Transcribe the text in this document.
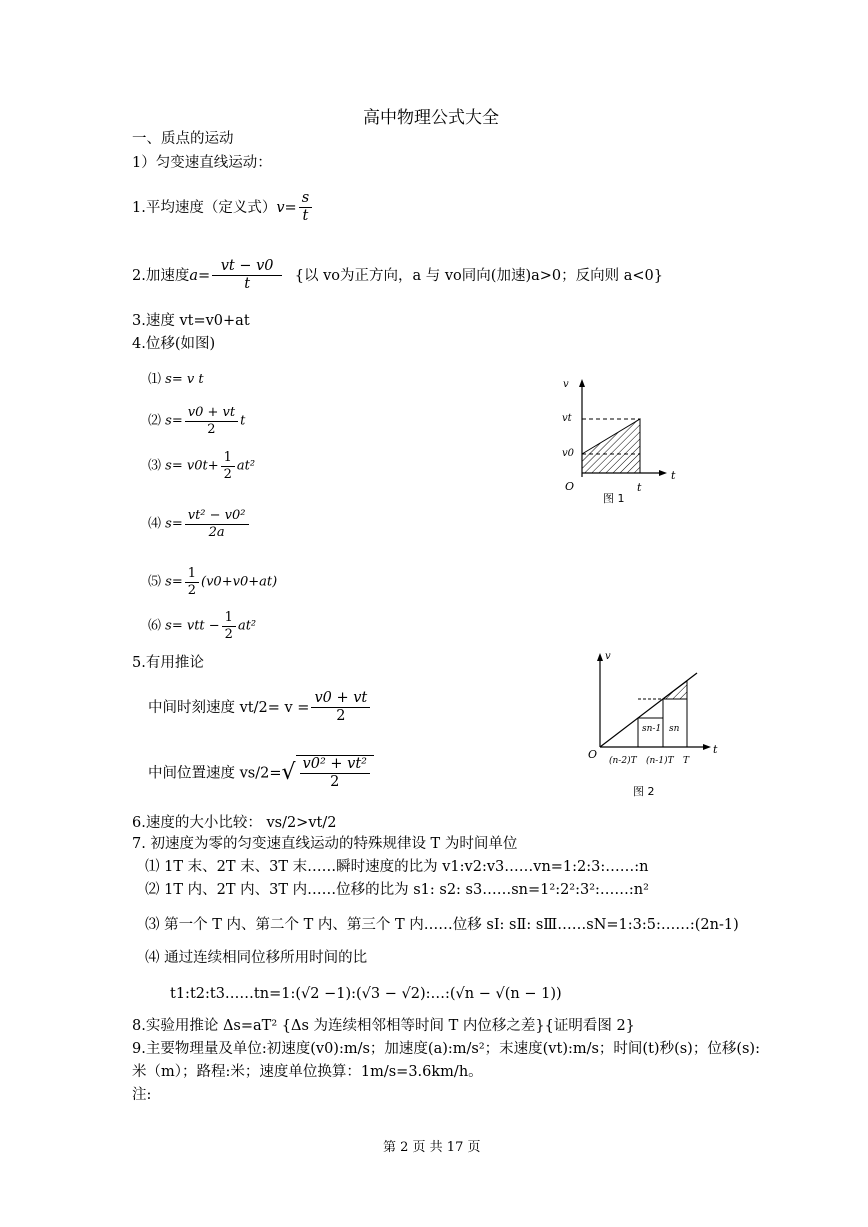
高中物理公式大全
一、质点的运动
1）匀变速直线运动：
1.平均速度（定义式）$v= \frac{s}{t}$
2.加速度$a= \frac{vt - v0}{t}$ {以 vo为正方向，a 与 vo同向(加速)a>0；反向则 a<0}
3.速度 vt=v0+at
4.位移(如图)
⑴ s= v t
⑵ $s= \frac{v0 + vt}{2}$ t
⑶ $s= v0t+ \frac{1}{2} at^2$
⑷ $s= \frac{\text{vt² − v0²}}{2a}$
⑸ $s= \frac{1}{2} (v0+v0+at)$
⑹ s= vtt − $\frac{1}{2} at^2$
5.有用推论
中间时刻速度 $vt/2= v = \frac{v0 + vt}{2}$
中间位置速度 $vs/2=√ \frac{\text{v0² + vt²}}{2}$
6.速度的大小比较： vs/2>vt/2
7. 初速度为零的匀变速直线运动的特殊规律设 T 为时间单位
⑴ 1T 末、2T 末、3T 末……瞬时速度的比为 v1:v2:v3……vn=1:2:3:……:n
⑵ 1T 内、2T 内、3T 内……位移的比为 s1: s2: s3……sn=1²:2²:3²:……:n²
⑶ 第一个 T 内、第二个 T 内、第三个 T 内……位移 sⅠ: sⅡ: sⅢ……sN=1:3:5:……:(2n-1)
⑷ 通过连续相同位移所用时间的比
t1:t2:t3……tn=1:(√2 −1):(√3 − √2):…:(√n − √(n − 1))
8.实验用推论 Δs=aT² {Δs 为连续相邻相等时间 T 内位移之差}{证明看图 2}
9.主要物理量及单位:初速度(v0):m/s；加速度(a):m/s²；末速度(vt):m/s；时间(t)秒(s)；位移(s):
米（m）；路程:米；速度单位换算：1m/s=3.6km/h。
注:
第 2 页 共 17 页
v
vt
v0
O
t
t
图 1
sn-1 sn
v
O	t
(n-2)T (n-1)T T
图 2
